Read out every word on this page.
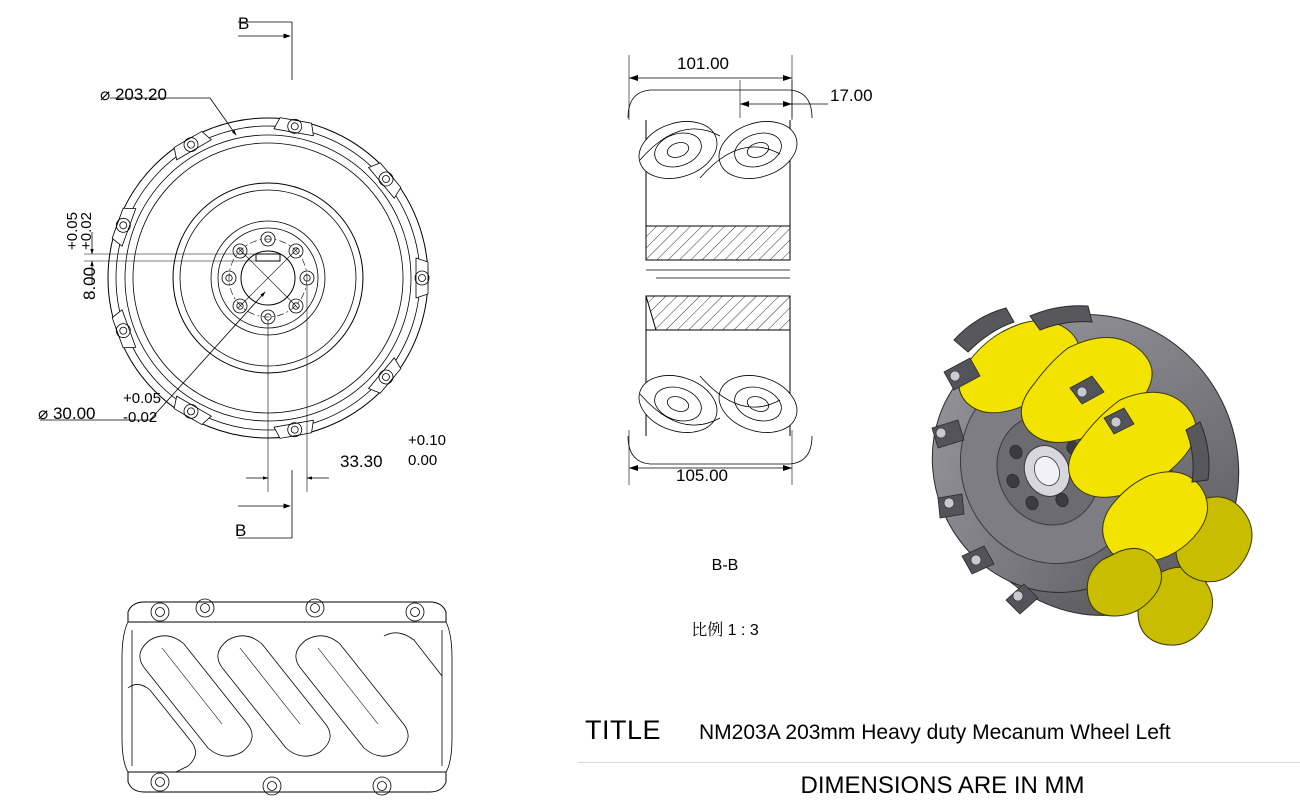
B
B
⌀ 203.20
⌀ 30.00
+0.05
-0.02
8.00
+0.05
+0.02
33.30
+0.10
0.00
101.00
17.00
105.00

B-B

比例 1 : 3

TITLE NM203A 203mm Heavy duty Mecanum Wheel Left
DIMENSIONS ARE IN MM
